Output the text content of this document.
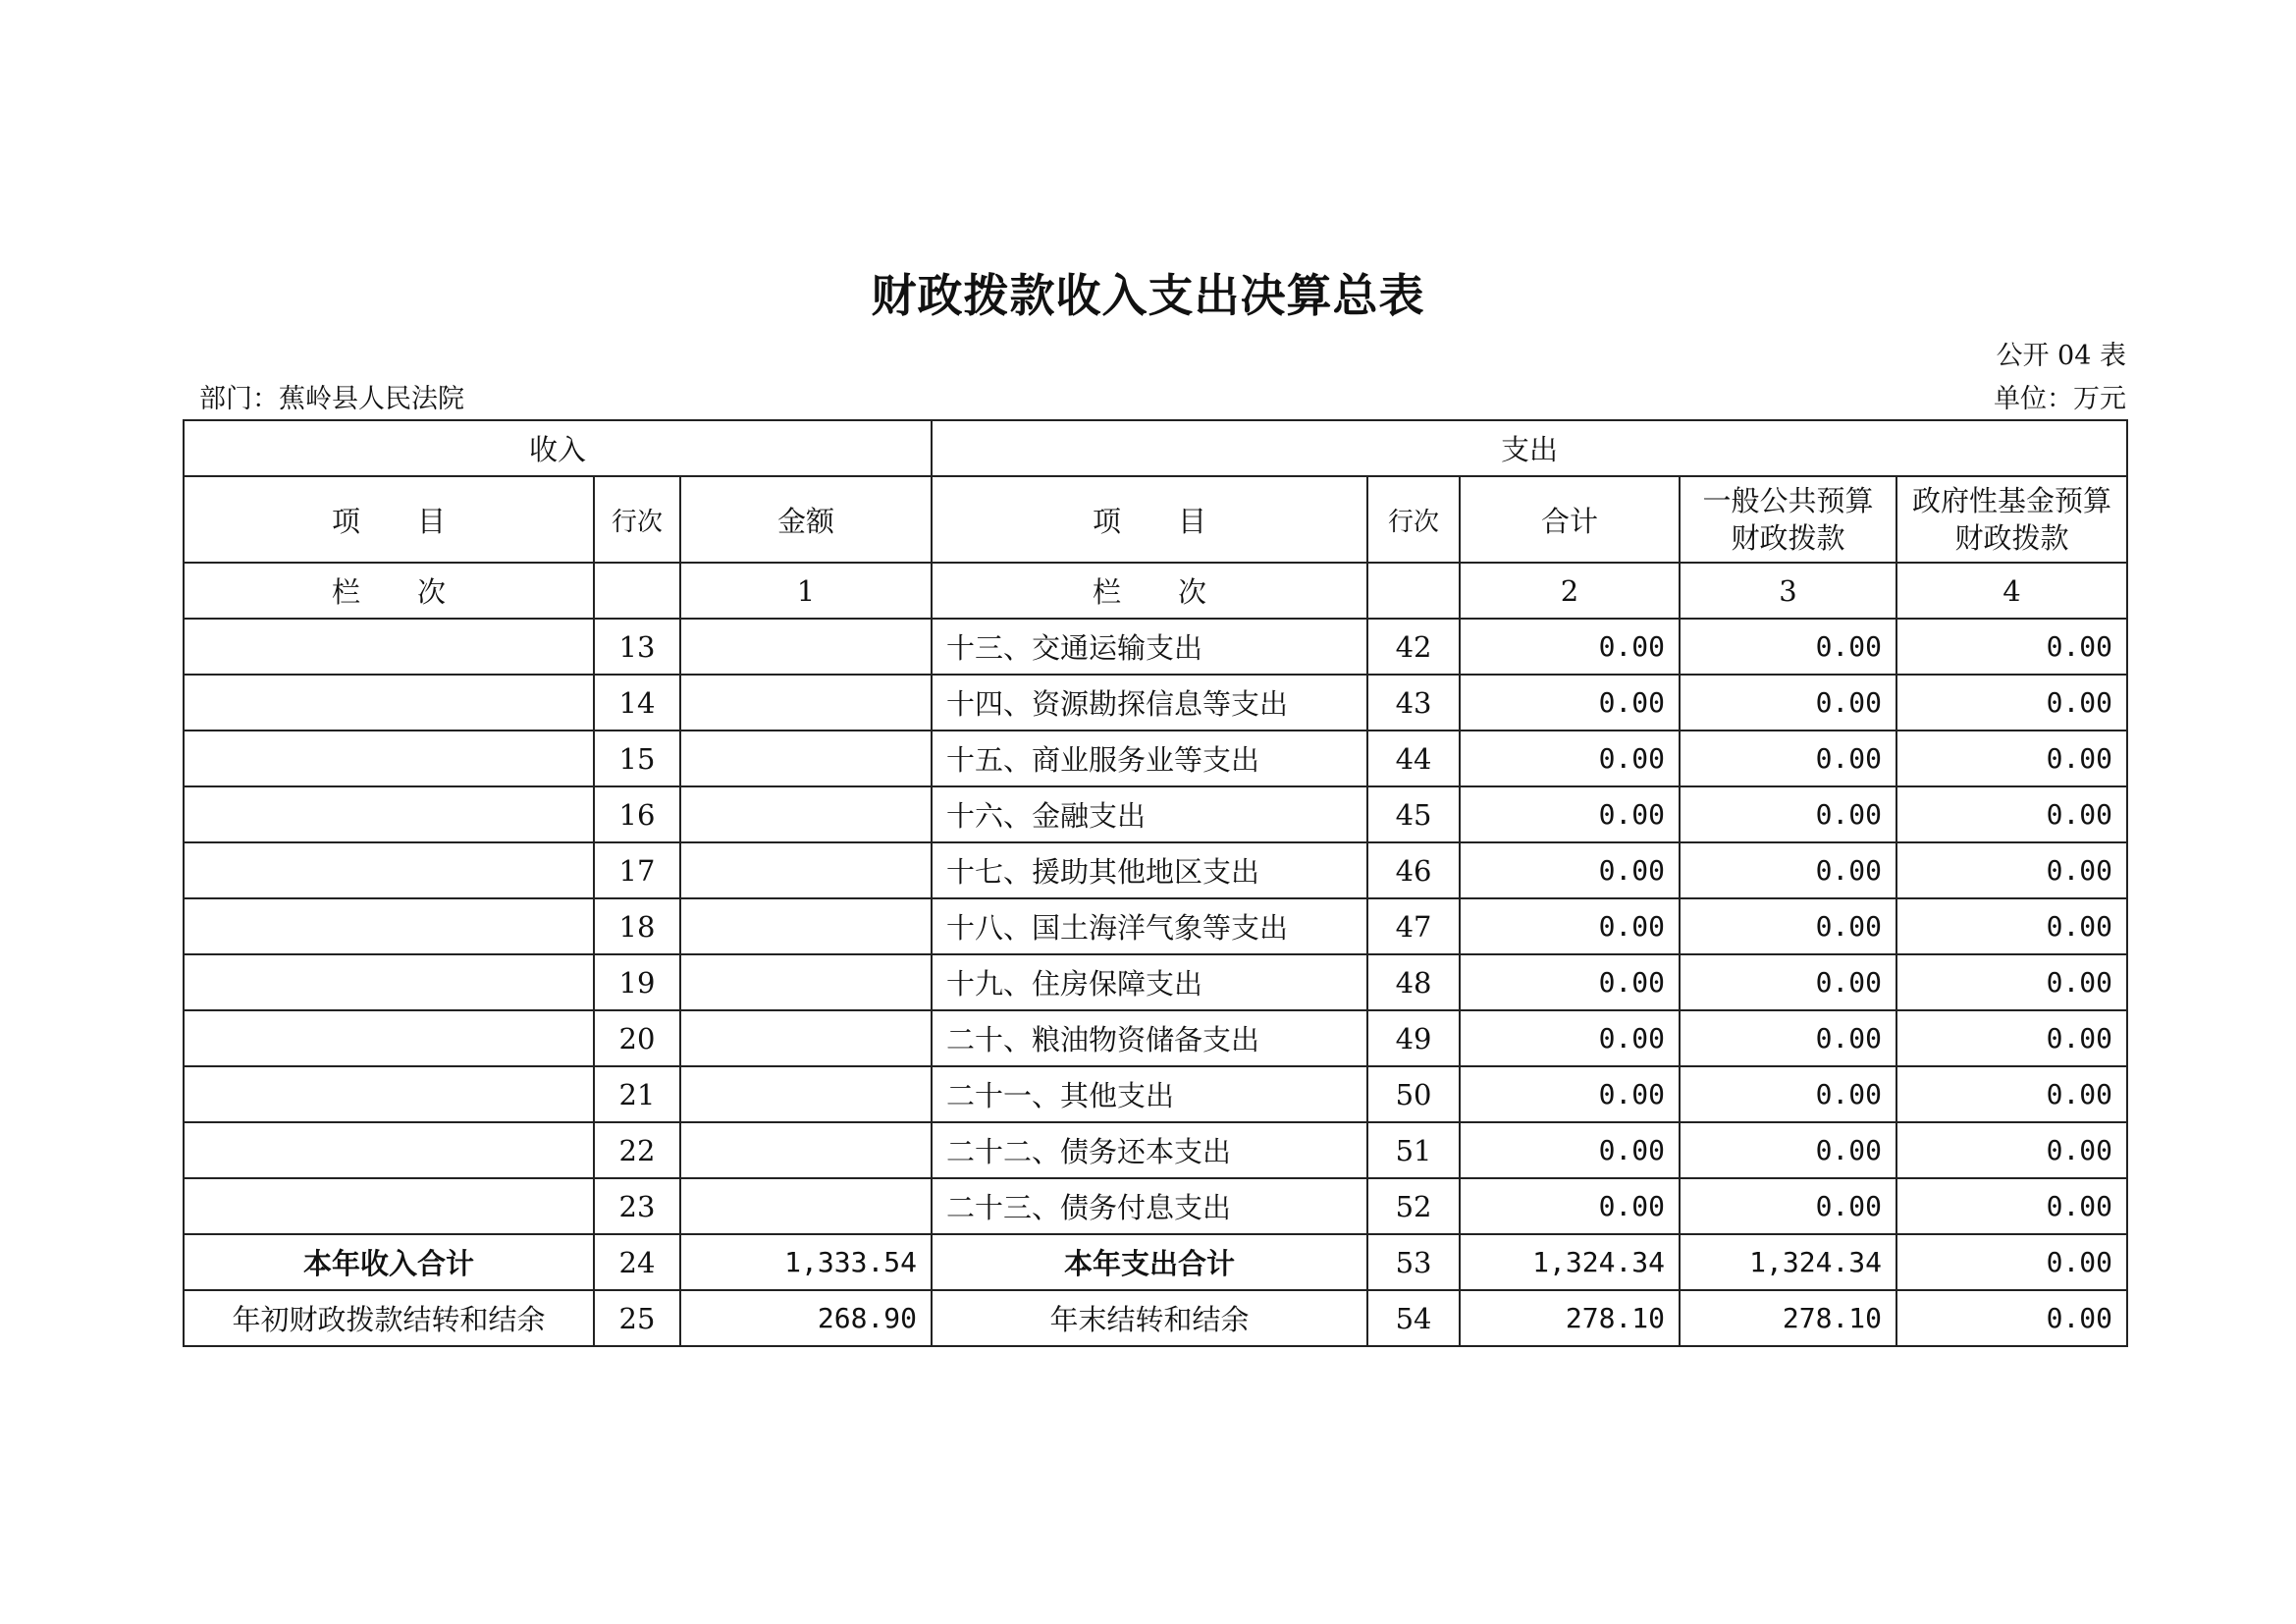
财政拨款收入支出决算总表
公开 04 表
部门：蕉岭县人民法院	单位：万元
收入			支出				
项　　目	行次	金额	项　　目	行次	合计	一般公共预算财政拨款	政府性基金预算财政拨款
栏　　次		1	栏　　次		2	3	4
	13		十三、交通运输支出	42	0.00	0.00	0.00
	14		十四、资源勘探信息等支出	43	0.00	0.00	0.00
	15		十五、商业服务业等支出	44	0.00	0.00	0.00
	16		十六、金融支出	45	0.00	0.00	0.00
	17		十七、援助其他地区支出	46	0.00	0.00	0.00
	18		十八、国土海洋气象等支出	47	0.00	0.00	0.00
	19		十九、住房保障支出	48	0.00	0.00	0.00
	20		二十、粮油物资储备支出	49	0.00	0.00	0.00
	21		二十一、其他支出	50	0.00	0.00	0.00
	22		二十二、债务还本支出	51	0.00	0.00	0.00
	23		二十三、债务付息支出	52	0.00	0.00	0.00
本年收入合计	24	1,333.54	本年支出合计	53	1,324.34	1,324.34	0.00
年初财政拨款结转和结余	25	268.90	年末结转和结余	54	278.10	278.10	0.00
